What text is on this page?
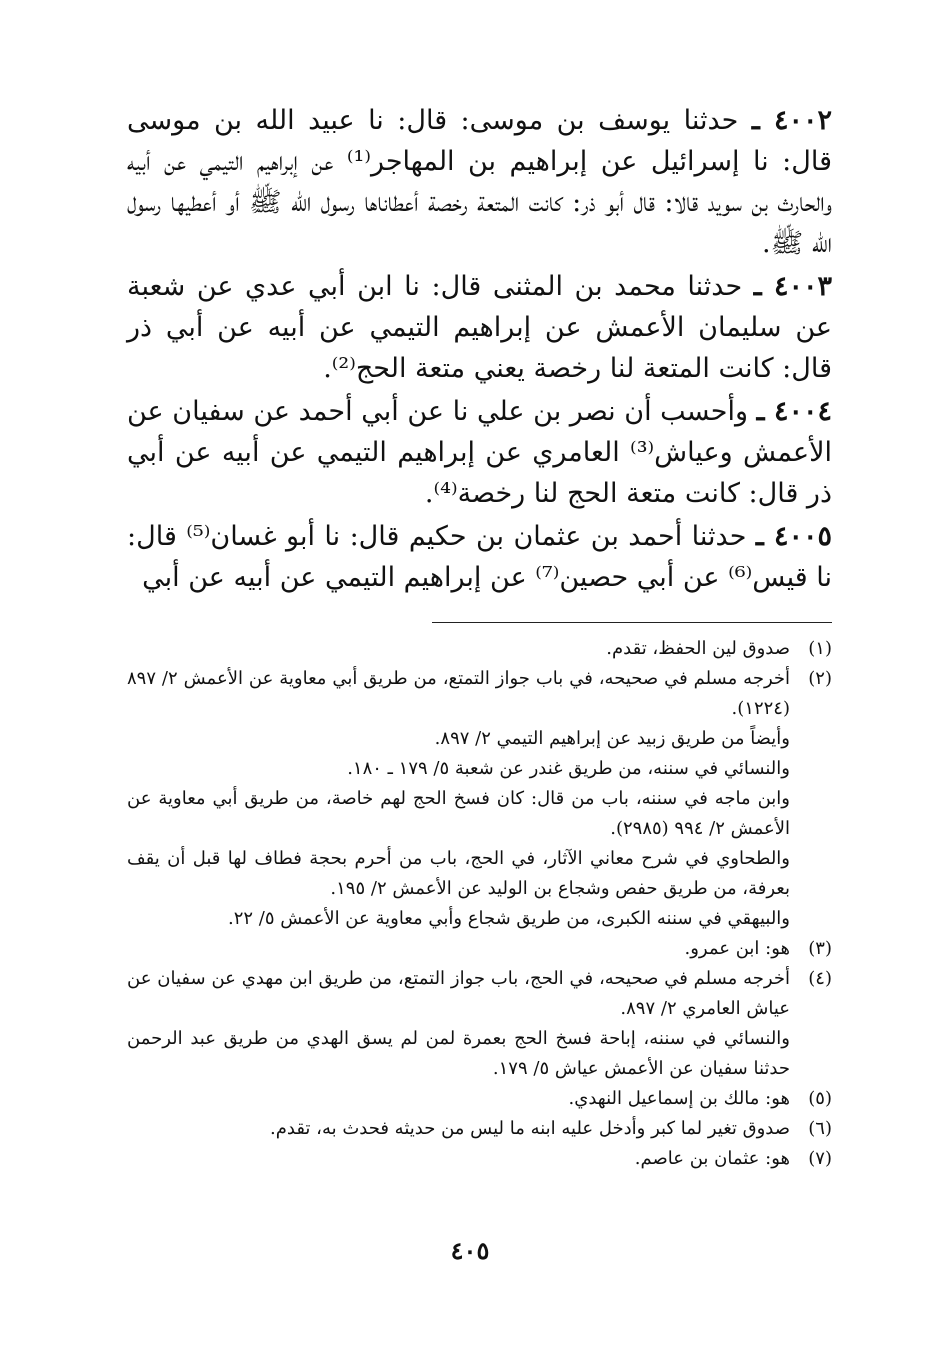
٤٠٠٢ ـ حدثنا يوسف بن موسى: قال: نا عبيد الله بن موسى قال: نا إسرائيل عن إبراهيم بن المهاجر⁽¹⁾ عن إبراهيم التيمي عن أبيه والحارث بن سويد قالا: قال أبو ذر: كانت المتعة رخصة أعطاناها رسول الله ﷺ أو أعطيها رسول الله ﷺ.

٤٠٠٣ ـ حدثنا محمد بن المثنى قال: نا ابن أبي عدي عن شعبة عن سليمان الأعمش عن إبراهيم التيمي عن أبيه عن أبي ذر قال: كانت المتعة لنا رخصة يعني متعة الحج⁽²⁾.

٤٠٠٤ ـ وأحسب أن نصر بن علي نا عن أبي أحمد عن سفيان عن الأعمش وعياش⁽³⁾ العامري عن إبراهيم التيمي عن أبيه عن أبي ذر قال: كانت متعة الحج لنا رخصة⁽⁴⁾.

٤٠٠٥ ـ حدثنا أحمد بن عثمان بن حكيم قال: نا أبو غسان⁽⁵⁾ قال: نا قيس⁽⁶⁾ عن أبي حصين⁽⁷⁾ عن إبراهيم التيمي عن أبيه عن أبي

(١)
صدوق لين الحفظ، تقدم.
(٢)
أخرجه مسلم في صحيحه، في باب جواز التمتع، من طريق أبي معاوية عن الأعمش ٢/ ٨٩٧ (١٢٢٤).
وأيضاً من طريق زبيد عن إبراهيم التيمي ٢/ ٨٩٧.
والنسائي في سننه، من طريق غندر عن شعبة ٥/ ١٧٩ ـ ١٨٠.
وابن ماجه في سننه، باب من قال: كان فسخ الحج لهم خاصة، من طريق أبي معاوية عن الأعمش ٢/ ٩٩٤ (٢٩٨٥).
والطحاوي في شرح معاني الآثار، في الحج، باب من أحرم بحجة فطاف لها قبل أن يقف بعرفة، من طريق حفص وشجاع بن الوليد عن الأعمش ٢/ ١٩٥.
والبيهقي في سننه الكبرى، من طريق شجاع وأبي معاوية عن الأعمش ٥/ ٢٢.
(٣)
هو: ابن عمرو.
(٤)
أخرجه مسلم في صحيحه، في الحج، باب جواز التمتع، من طريق ابن مهدي عن سفيان عن عياش العامري ٢/ ٨٩٧.
والنسائي في سننه، إباحة فسخ الحج بعمرة لمن لم يسق الهدي من طريق عبد الرحمن حدثنا سفيان عن الأعمش عياش ٥/ ١٧٩.
(٥)
هو: مالك بن إسماعيل النهدي.
(٦)
صدوق تغير لما كبر وأدخل عليه ابنه ما ليس من حديثه فحدث به، تقدم.
(٧)
هو: عثمان بن عاصم.
٤٠٥
